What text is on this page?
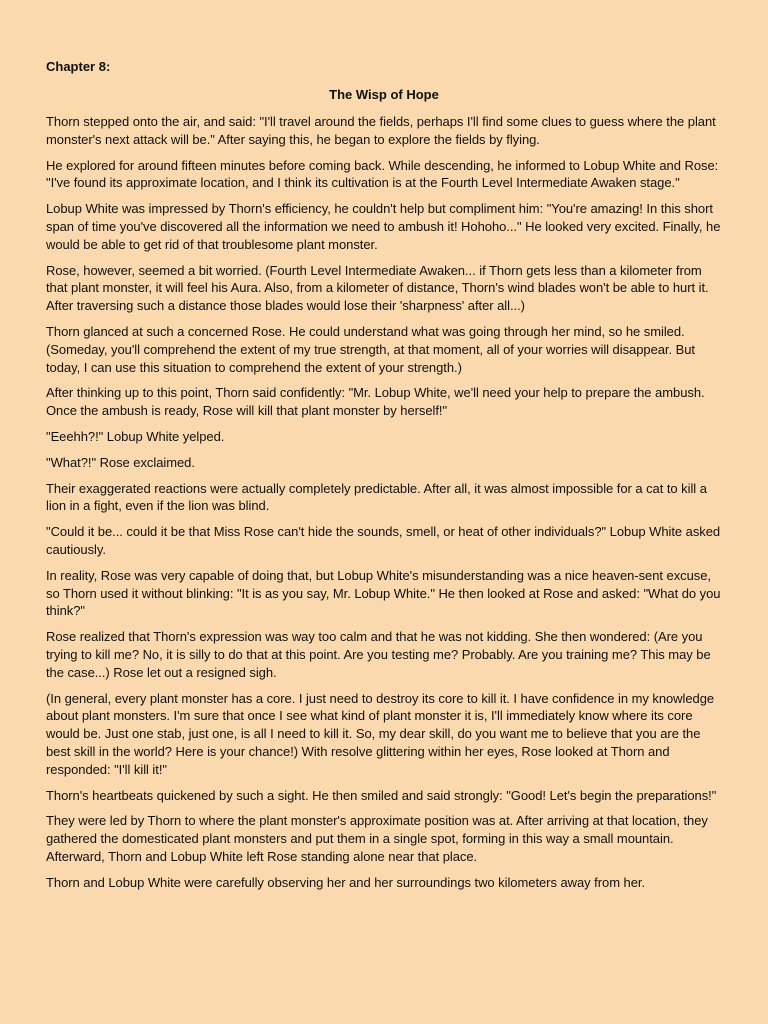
Chapter 8:
The Wisp of Hope

Thorn stepped onto the air, and said: "I'll travel around the fields, perhaps I'll find some clues to guess where the plant monster's next attack will be." After saying this, he began to explore the fields by flying.

He explored for around fifteen minutes before coming back. While descending, he informed to Lobup White and Rose: "I've found its approximate location, and I think its cultivation is at the Fourth Level Intermediate Awaken stage."

Lobup White was impressed by Thorn's efficiency, he couldn't help but compliment him: "You're amazing! In this short span of time you've discovered all the information we need to ambush it! Hohoho..." He looked very excited. Finally, he would be able to get rid of that troublesome plant monster.

Rose, however, seemed a bit worried. (Fourth Level Intermediate Awaken... if Thorn gets less than a kilometer from that plant monster, it will feel his Aura. Also, from a kilometer of distance, Thorn's wind blades won't be able to hurt it. After traversing such a distance those blades would lose their 'sharpness' after all...)

Thorn glanced at such a concerned Rose. He could understand what was going through her mind, so he smiled. (Someday, you'll comprehend the extent of my true strength, at that moment, all of your worries will disappear. But today, I can use this situation to comprehend the extent of your strength.)

After thinking up to this point, Thorn said confidently: "Mr. Lobup White, we'll need your help to prepare the ambush. Once the ambush is ready, Rose will kill that plant monster by herself!"

"Eeehh?!" Lobup White yelped.

"What?!" Rose exclaimed.

Their exaggerated reactions were actually completely predictable. After all, it was almost impossible for a cat to kill a lion in a fight, even if the lion was blind.

"Could it be... could it be that Miss Rose can't hide the sounds, smell, or heat of other individuals?" Lobup White asked cautiously.

In reality, Rose was very capable of doing that, but Lobup White's misunderstanding was a nice heaven-sent excuse, so Thorn used it without blinking: "It is as you say, Mr. Lobup White." He then looked at Rose and asked: "What do you think?"

Rose realized that Thorn's expression was way too calm and that he was not kidding. She then wondered: (Are you trying to kill me? No, it is silly to do that at this point. Are you testing me? Probably. Are you training me? This may be the case...) Rose let out a resigned sigh.

(In general, every plant monster has a core. I just need to destroy its core to kill it. I have confidence in my knowledge about plant monsters. I'm sure that once I see what kind of plant monster it is, I'll immediately know where its core would be. Just one stab, just one, is all I need to kill it. So, my dear skill, do you want me to believe that you are the best skill in the world? Here is your chance!) With resolve glittering within her eyes, Rose looked at Thorn and responded: "I'll kill it!"

Thorn's heartbeats quickened by such a sight. He then smiled and said strongly: "Good! Let's begin the preparations!"

They were led by Thorn to where the plant monster's approximate position was at. After arriving at that location, they gathered the domesticated plant monsters and put them in a single spot, forming in this way a small mountain. Afterward, Thorn and Lobup White left Rose standing alone near that place.

Thorn and Lobup White were carefully observing her and her surroundings two kilometers away from her.
